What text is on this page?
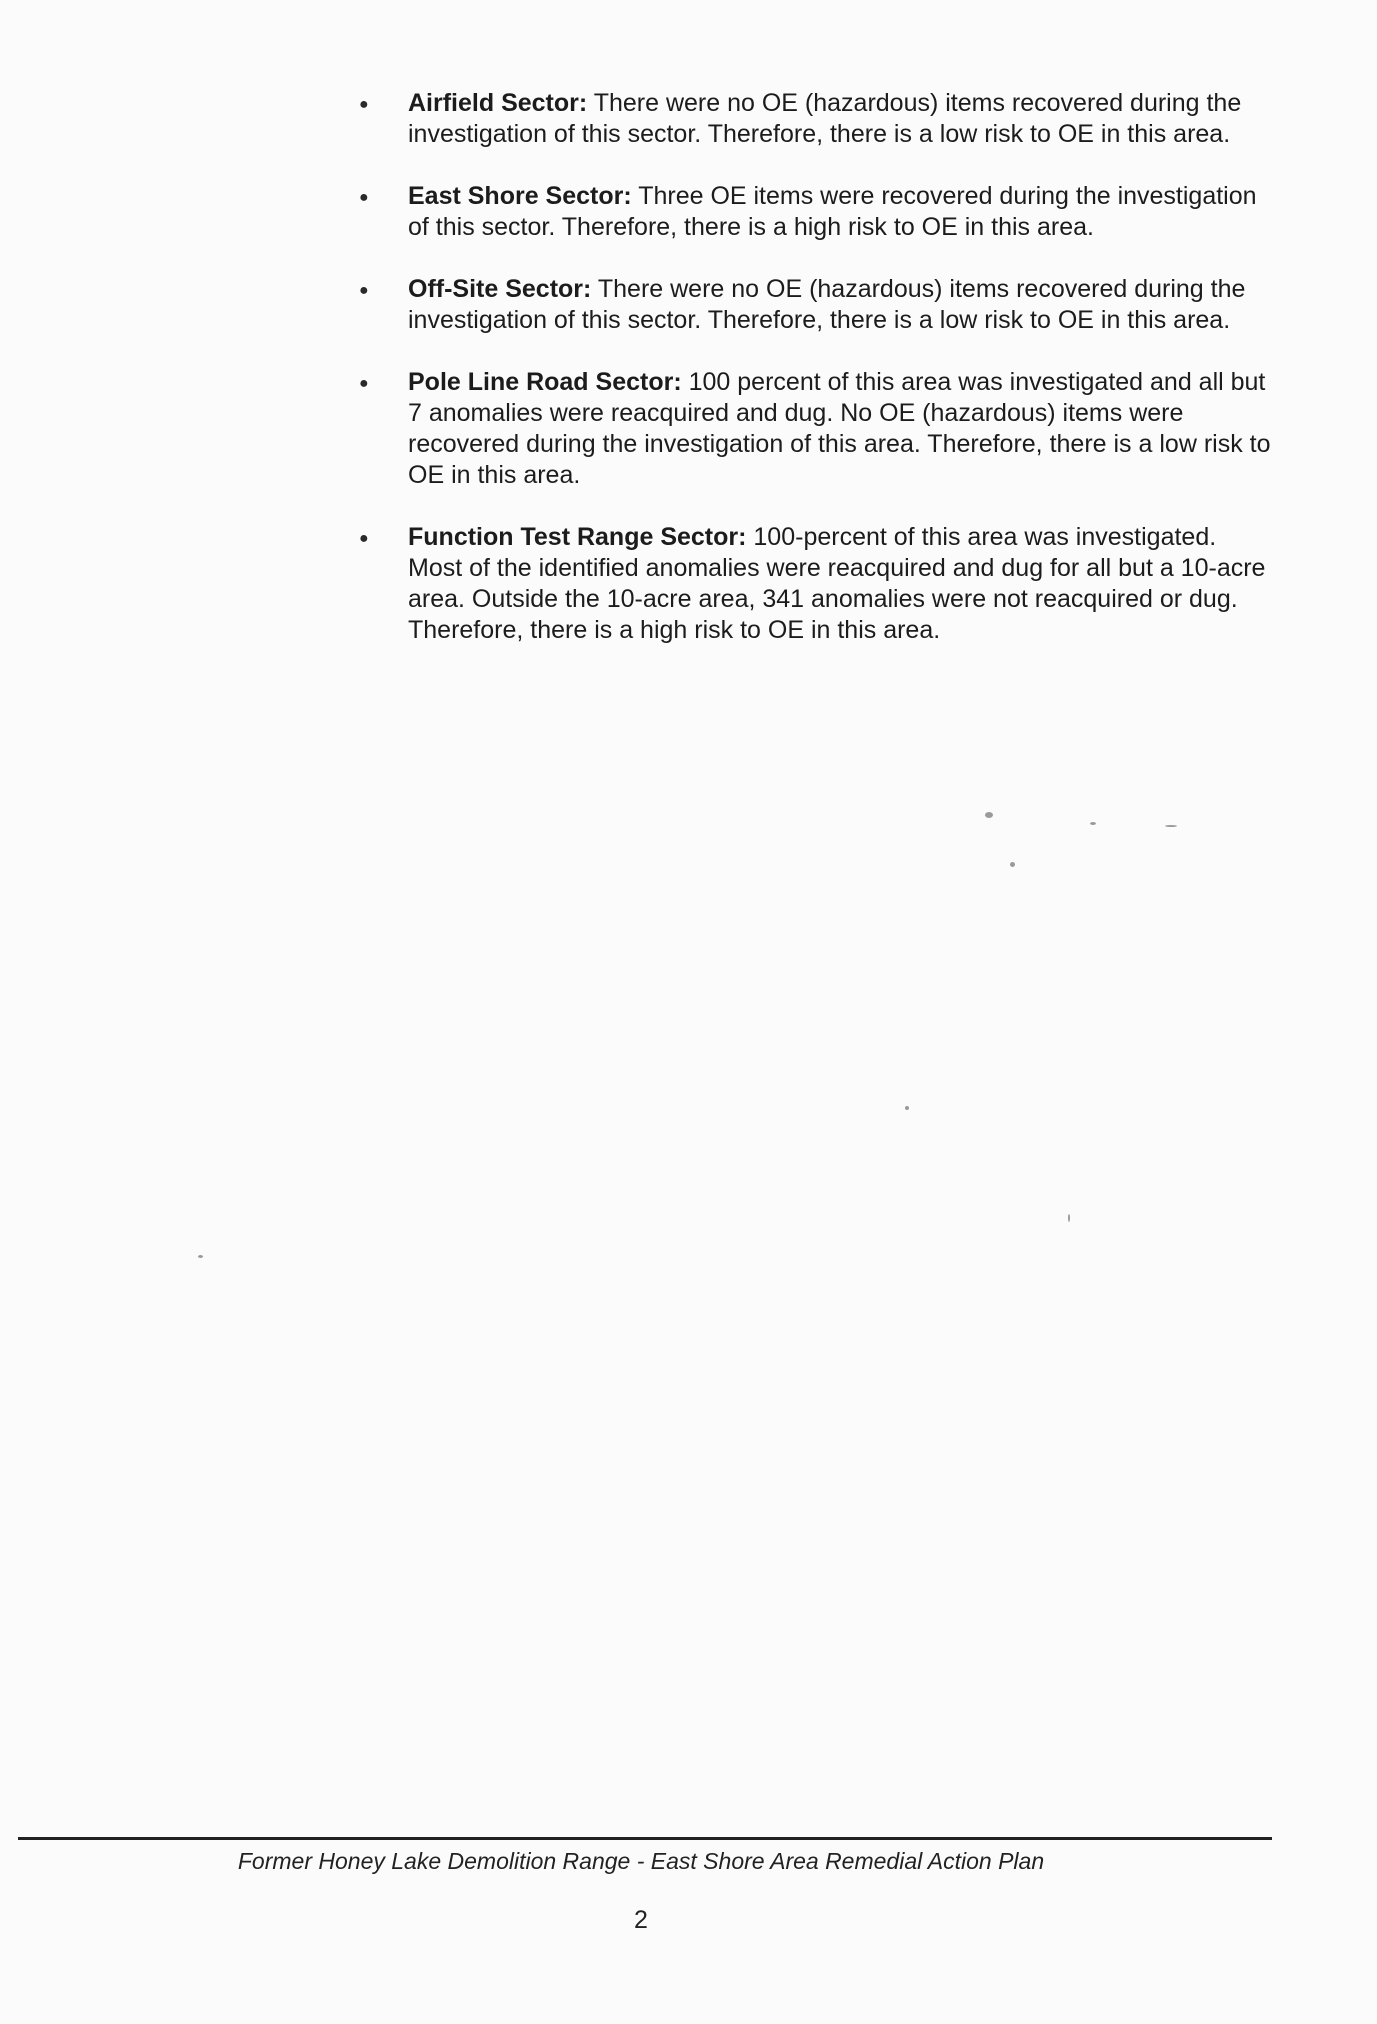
● Airfield Sector: There were no OE (hazardous) items recovered during the investigation of this sector. Therefore, there is a low risk to OE in this area.
● East Shore Sector: Three OE items were recovered during the investigation of this sector. Therefore, there is a high risk to OE in this area.
● Off-Site Sector: There were no OE (hazardous) items recovered during the investigation of this sector. Therefore, there is a low risk to OE in this area.
● Pole Line Road Sector: 100 percent of this area was investigated and all but 7 anomalies were reacquired and dug. No OE (hazardous) items were recovered during the investigation of this area. Therefore, there is a low risk to OE in this area.
● Function Test Range Sector: 100-percent of this area was investigated. Most of the identified anomalies were reacquired and dug for all but a 10-acre area. Outside the 10-acre area, 341 anomalies were not reacquired or dug. Therefore, there is a high risk to OE in this area.
Former Honey Lake Demolition Range - East Shore Area Remedial Action Plan
2
